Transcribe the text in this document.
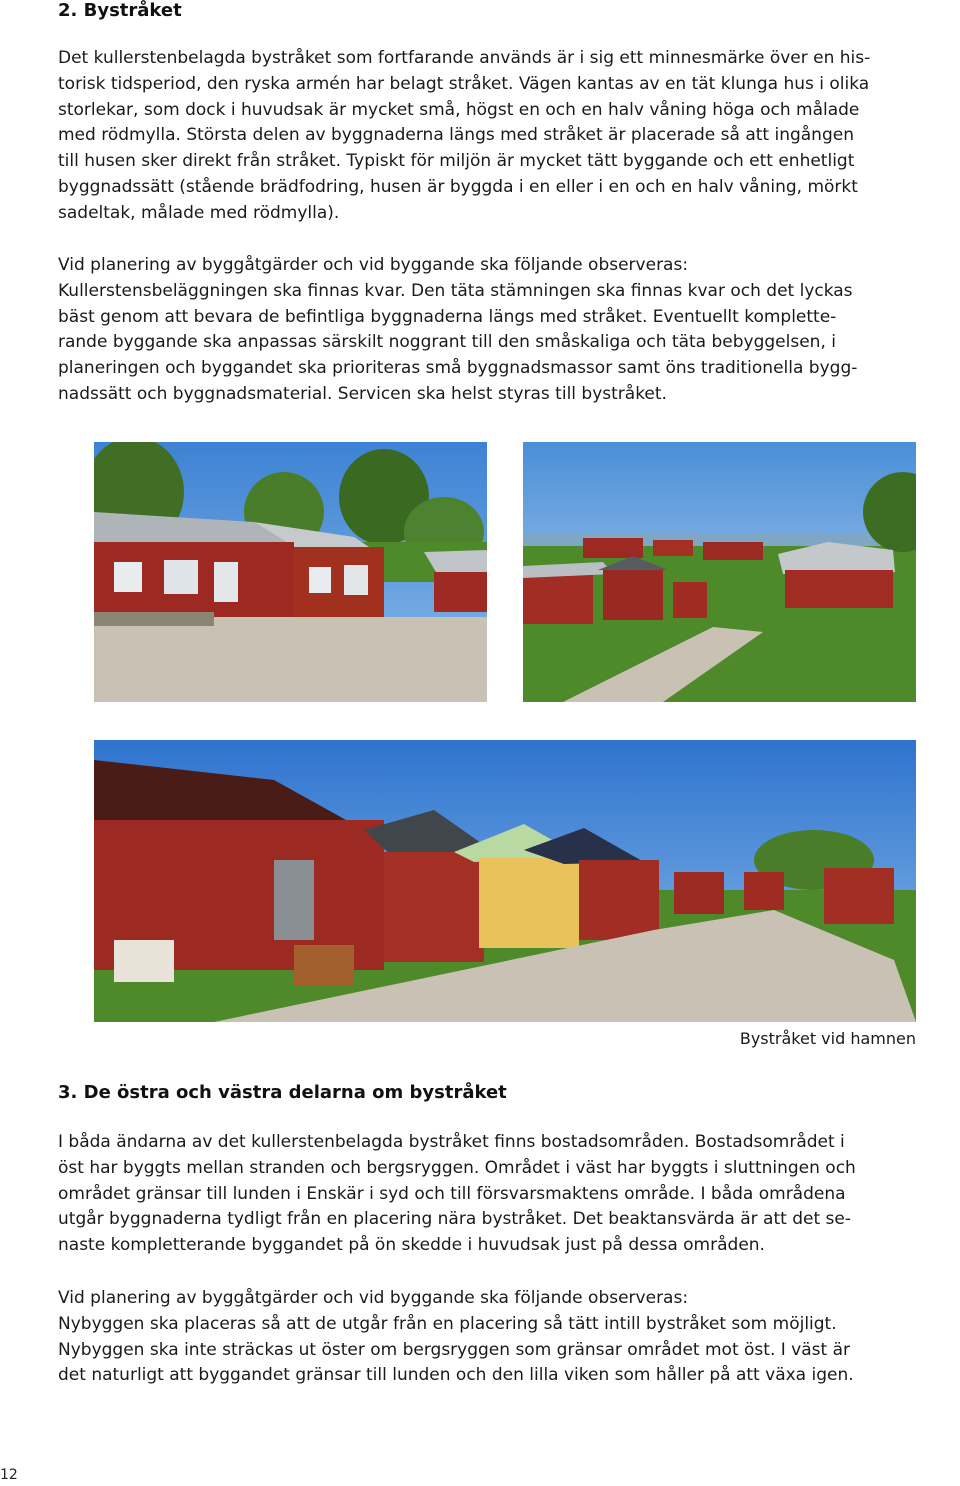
2. Bystråket

Det kullerstenbelagda bystråket som fortfarande används är i sig ett minnesmärke över en his-
torisk tidsperiod, den ryska armén har belagt stråket. Vägen kantas av en tät klunga hus i olika
storlekar, som dock i huvudsak är mycket små, högst en och en halv våning höga och målade
med rödmylla. Största delen av byggnaderna längs med stråket är placerade så att ingången
till husen sker direkt från stråket. Typiskt för miljön är mycket tätt byggande och ett enhetligt
byggnadssätt (stående brädfodring, husen är byggda i en eller i en och en halv våning, mörkt
sadeltak, målade med rödmylla).

Vid planering av byggåtgärder och vid byggande ska följande observeras:
Kullerstensbeläggningen ska finnas kvar. Den täta stämningen ska finnas kvar och det lyckas
bäst genom att bevara de befintliga byggnaderna längs med stråket. Eventuellt komplette-
rande byggande ska anpassas särskilt noggrant till den småskaliga och täta bebyggelsen, i
planeringen och byggandet ska prioriteras små byggnadsmassor samt öns traditionella bygg-
nadssätt och byggnadsmaterial. Servicen ska helst styras till bystråket.

Bystråket vid hamnen

3. De östra och västra delarna om bystråket

I båda ändarna av det kullerstenbelagda bystråket finns bostadsområden. Bostadsområdet i
öst har byggts mellan stranden och bergsryggen. Området i väst har byggts i sluttningen och
området gränsar till lunden i Enskär i syd och till försvarsmaktens område. I båda områdena
utgår byggnaderna tydligt från en placering nära bystråket. Det beaktansvärda är att det se-
naste kompletterande byggandet på ön skedde i huvudsak just på dessa områden.

Vid planering av byggåtgärder och vid byggande ska följande observeras:
Nybyggen ska placeras så att de utgår från en placering så tätt intill bystråket som möjligt.
Nybyggen ska inte sträckas ut öster om bergsryggen som gränsar området mot öst. I väst är
det naturligt att byggandet gränsar till lunden och den lilla viken som håller på att växa igen.

12
